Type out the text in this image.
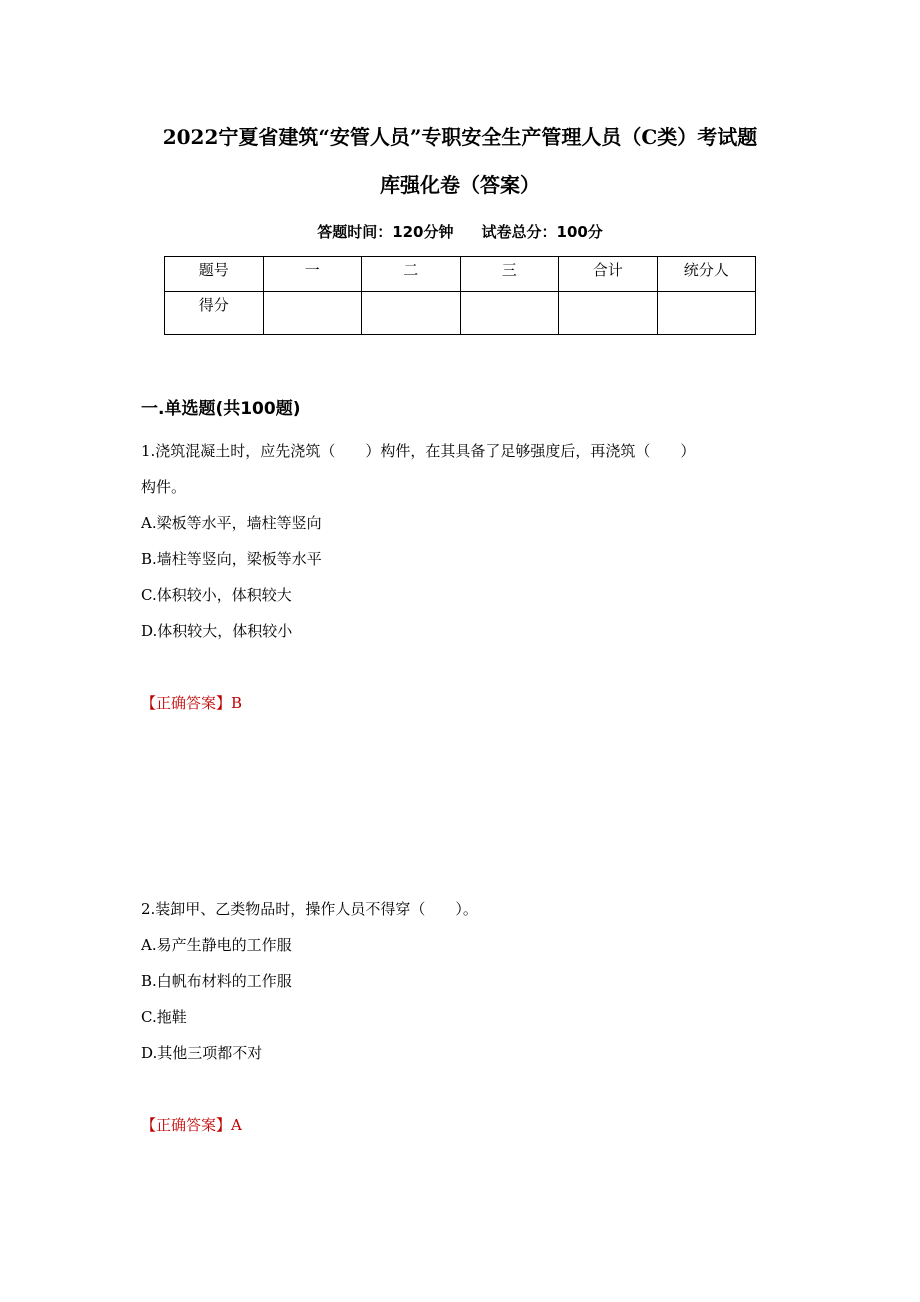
2022宁夏省建筑“安管人员”专职安全生产管理人员（C类）考试题
库强化卷（答案）
答题时间：120分钟 试卷总分：100分
题号	一	二	三	合计	统分人
得分					
一.单选题(共100题)
1.浇筑混凝土时，应先浇筑（　　）构件，在其具备了足够强度后，再浇筑（　　）
构件。
A.梁板等水平，墙柱等竖向
B.墙柱等竖向，梁板等水平
C.体积较小，体积较大
D.体积较大，体积较小
【正确答案】B
2.装卸甲、乙类物品时，操作人员不得穿（　　）。
A.易产生静电的工作服
B.白帆布材料的工作服
C.拖鞋
D.其他三项都不对
【正确答案】A
